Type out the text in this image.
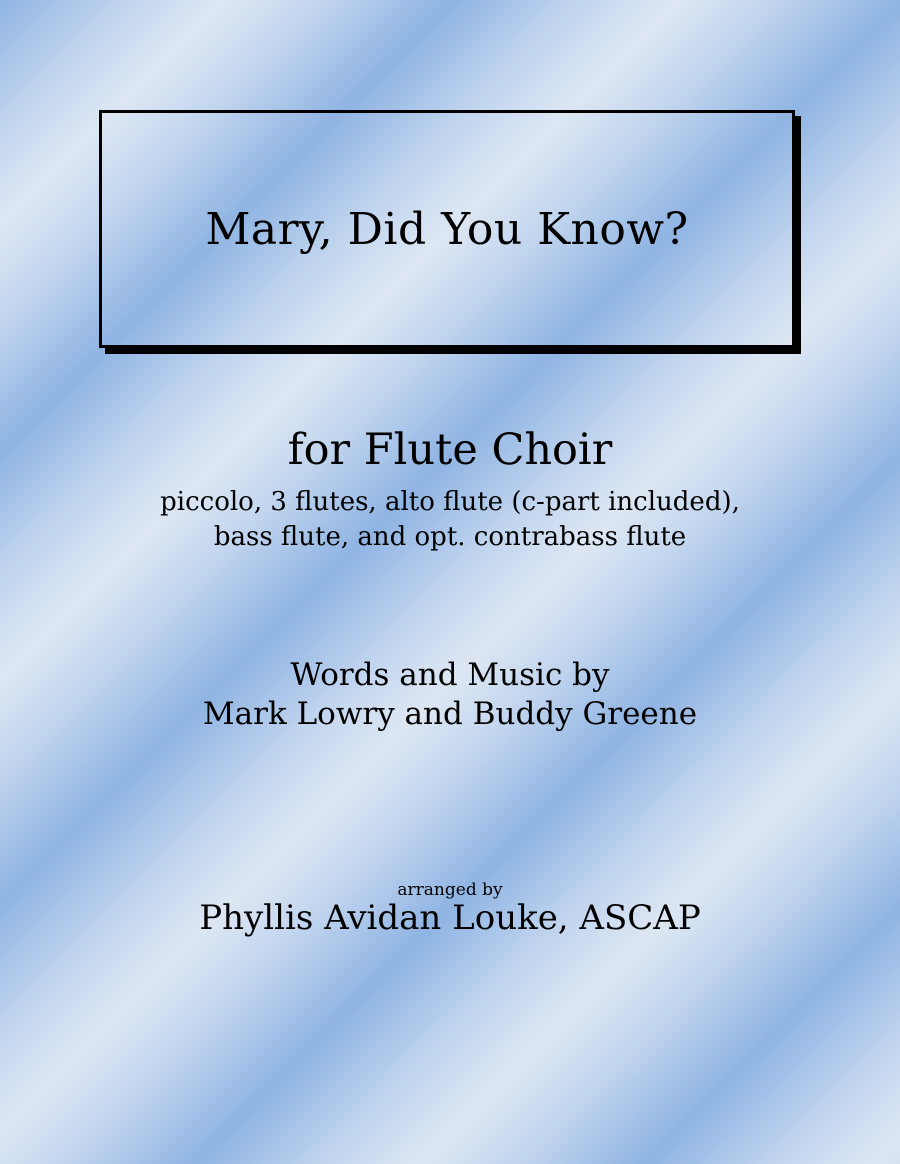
Mary, Did You Know?
for Flute Choir

piccolo, 3 flutes, alto flute (c-part included),
bass flute, and opt. contrabass flute

Words and Music by
Mark Lowry and Buddy Greene

arranged by

Phyllis Avidan Louke, ASCAP
